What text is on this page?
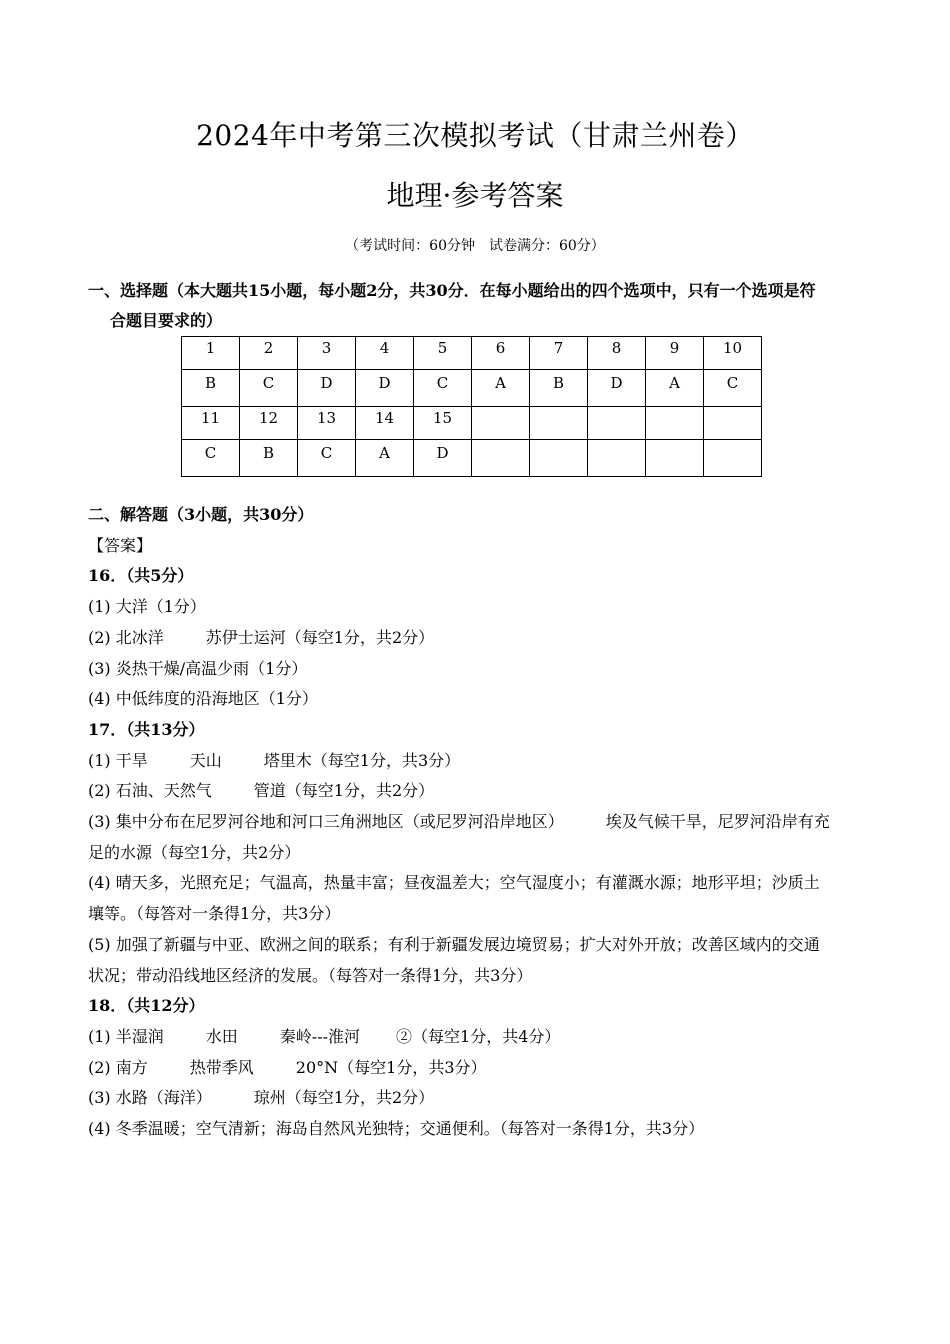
2024年中考第三次模拟考试（甘肃兰州卷）
地理·参考答案
（考试时间：60分钟　试卷满分：60分）
一、选择题（本大题共15小题，每小题2分，共30分．在每小题给出的四个选项中，只有一个选项是符
合题目要求的）
1	2	3	4	5	6	7	8	9	10
B	C	D	D	C	A	B	D	A	C
11	12	13	14	15					
C	B	C	A	D					
二、解答题（3小题，共30分）
【答案】
16．（共5分）
(1) 大洋（1分）
(2) 北冰洋	苏伊士运河（每空1分，共2分）
(3) 炎热干燥/高温少雨（1分）
(4) 中低纬度的沿海地区（1分）
17．（共13分）
(1) 干旱	天山	塔里木（每空1分，共3分）
(2) 石油、天然气	管道（每空1分，共2分）
(3) 集中分布在尼罗河谷地和河口三角洲地区（或尼罗河沿岸地区）	埃及气候干旱，尼罗河沿岸有充
足的水源（每空1分，共2分）
(4) 晴天多，光照充足；气温高，热量丰富；昼夜温差大；空气湿度小；有灌溉水源；地形平坦；沙质土
壤等。（每答对一条得1分，共3分）
(5) 加强了新疆与中亚、欧洲之间的联系；有利于新疆发展边境贸易；扩大对外开放；改善区域内的交通
状况；带动沿线地区经济的发展。（每答对一条得1分，共3分）
18．（共12分）
(1) 半湿润	水田	秦岭---淮河 ②（每空1分，共4分）
(2) 南方	热带季风	20°N（每空1分，共3分）
(3) 水路（海洋）	琼州（每空1分，共2分）
(4) 冬季温暖；空气清新；海岛自然风光独特；交通便利。（每答对一条得1分，共3分）
